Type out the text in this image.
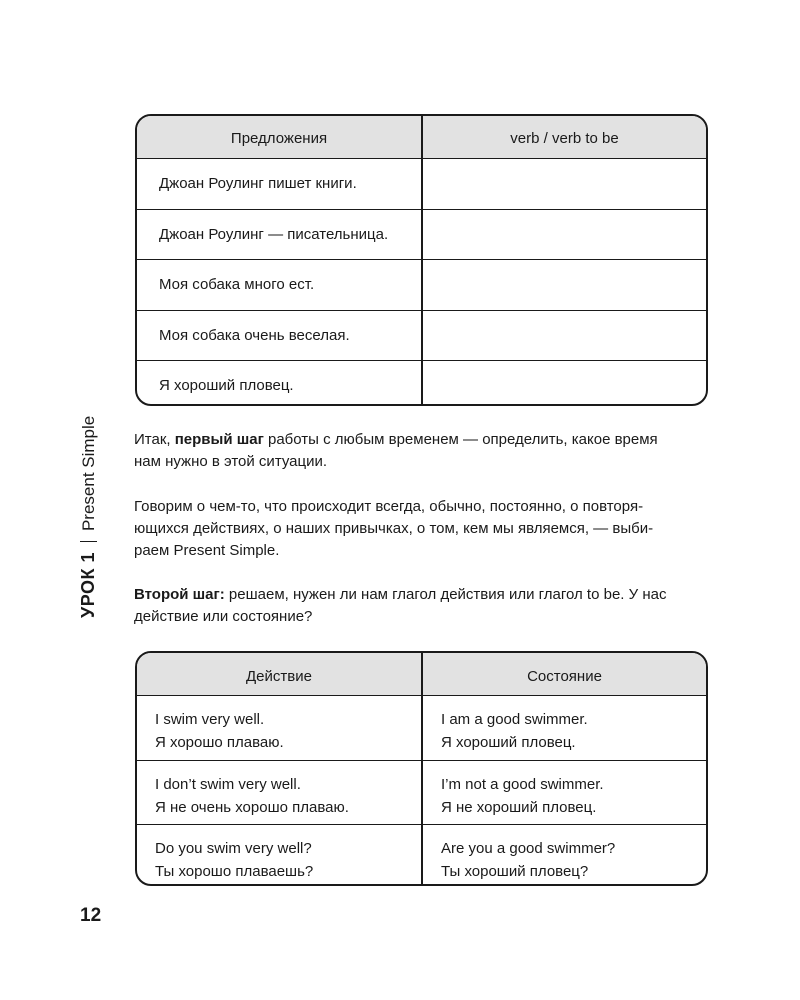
УРОК 1
Present Simple
Предложения	verb / verb to be
Джоан Роулинг пишет книги.
Джоан Роулинг — писательница.
Моя собака много ест.
Моя собака очень веселая.
Я хороший пловец.

Итак, первый шаг работы с любым временем — определить, какое время
нам нужно в этой ситуации.

Говорим о чем-то, что происходит всегда, обычно, постоянно, о повторя-
ющихся действиях, о наших привычках, о том, кем мы являемся, — выби-
раем Present Simple.

Второй шаг: решаем, нужен ли нам глагол действия или глагол to be. У нас
действие или состояние?

Действие	Состояние
I swim very well.
Я хорошо плаваю.
I am a good swimmer.
Я хороший пловец.
I don’t swim very well.
Я не очень хорошо плаваю.
I’m not a good swimmer.
Я не хороший пловец.
Do you swim very well?
Ты хорошо плаваешь?
Are you a good swimmer?
Ты хороший пловец?
12
